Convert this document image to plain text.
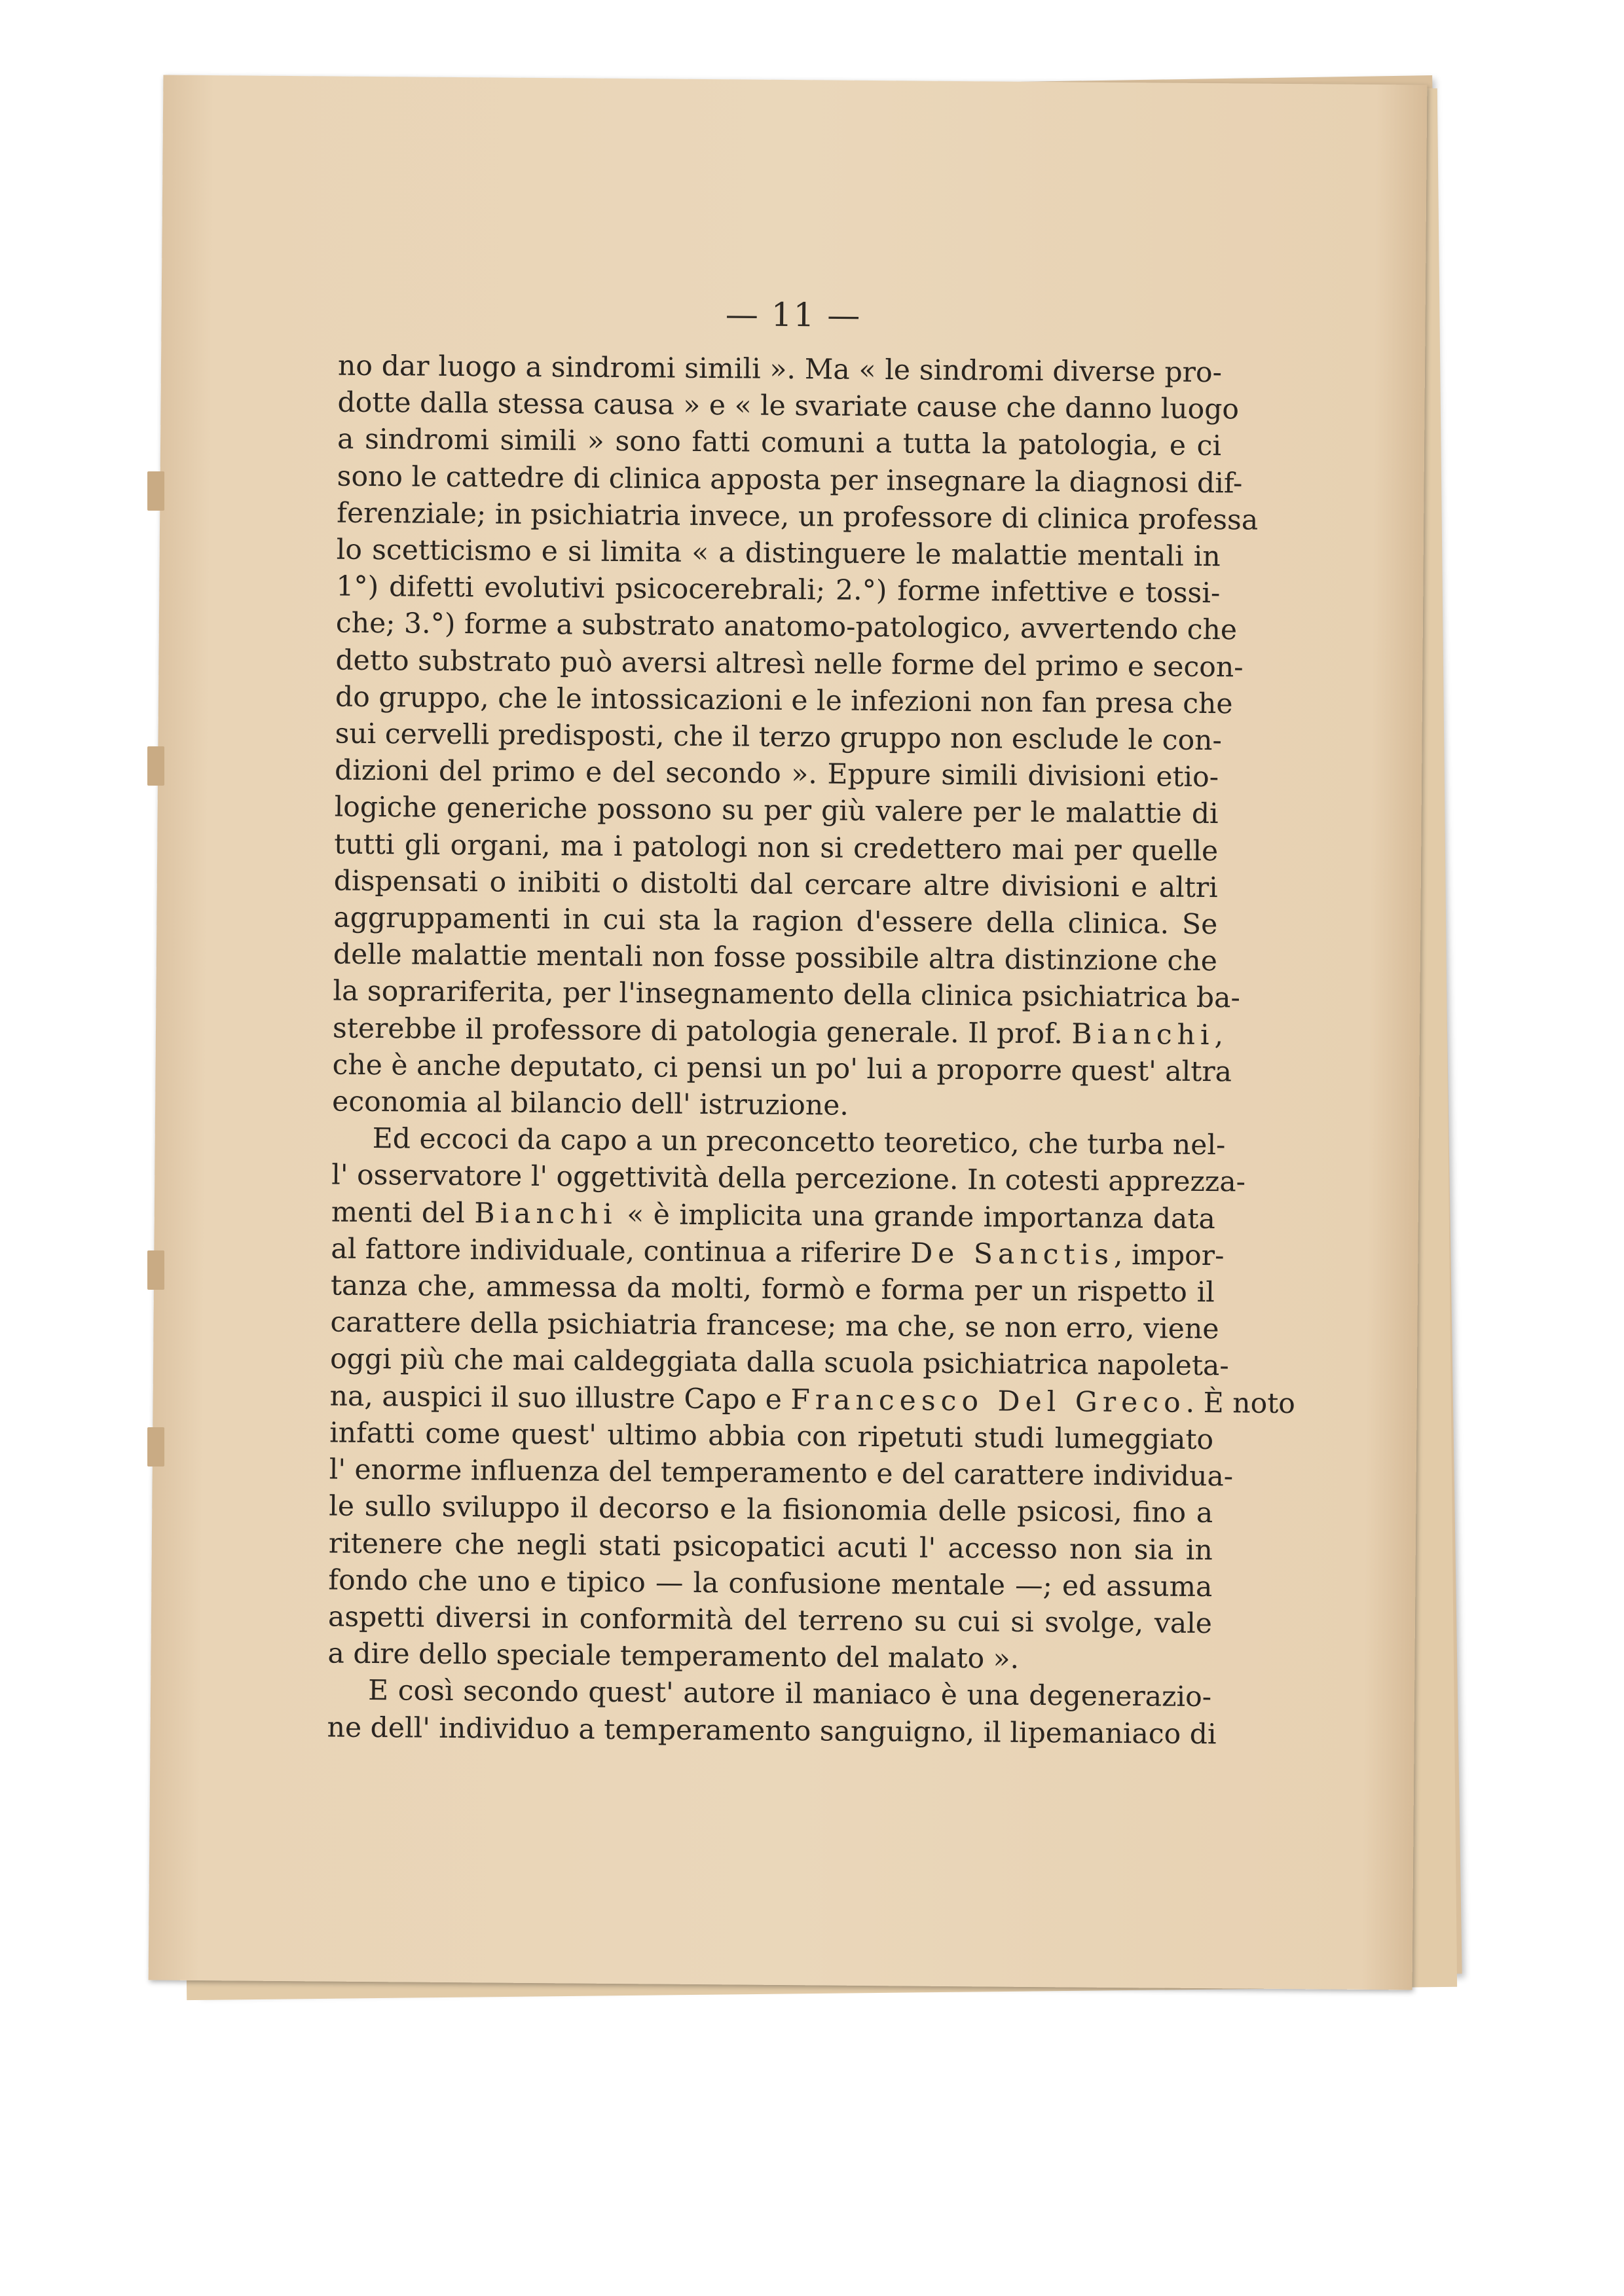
— 11 —
no dar luogo a sindromi simili ». Ma « le sindromi diverse pro-
dotte dalla stessa causa » e « le svariate cause che danno luogo
a sindromi simili » sono fatti comuni a tutta la patologia, e ci
sono le cattedre di clinica apposta per insegnare la diagnosi dif-
ferenziale; in psichiatria invece, un professore di clinica professa
lo scetticismo e si limita « a distinguere le malattie mentali in
1°) difetti evolutivi psicocerebrali; 2.°) forme infettive e tossi-
che; 3.°) forme a substrato anatomo-patologico, avvertendo che
detto substrato può aversi altresì nelle forme del primo e secon-
do gruppo, che le intossicazioni e le infezioni non fan presa che
sui cervelli predisposti, che il terzo gruppo non esclude le con-
dizioni del primo e del secondo ». Eppure simili divisioni etio-
logiche generiche possono su per giù valere per le malattie di
tutti gli organi, ma i patologi non si credettero mai per quelle
dispensati o inibiti o distolti dal cercare altre divisioni e altri
aggruppamenti in cui sta la ragion d'essere della clinica. Se
delle malattie mentali non fosse possibile altra distinzione che
la soprariferita, per l'insegnamento della clinica psichiatrica ba-
sterebbe il professore di patologia generale. Il prof. Bianchi,
che è anche deputato, ci pensi un po' lui a proporre quest' altra
economia al bilancio dell' istruzione.
Ed eccoci da capo a un preconcetto teoretico, che turba nel-
l' osservatore l' oggettività della percezione. In cotesti apprezza-
menti del Bianchi « è implicita una grande importanza data
al fattore individuale, continua a riferire De Sanctis, impor-
tanza che, ammessa da molti, formò e forma per un rispetto il
carattere della psichiatria francese; ma che, se non erro, viene
oggi più che mai caldeggiata dalla scuola psichiatrica napoleta-
na, auspici il suo illustre Capo e Francesco Del Greco. È noto
infatti come quest' ultimo abbia con ripetuti studi lumeggiato
l' enorme influenza del temperamento e del carattere individua-
le sullo sviluppo il decorso e la fisionomia delle psicosi, fino a
ritenere che negli stati psicopatici acuti l' accesso non sia in
fondo che uno e tipico — la confusione mentale —; ed assuma
aspetti diversi in conformità del terreno su cui si svolge, vale
a dire dello speciale temperamento del malato ».
E così secondo quest' autore il maniaco è una degenerazio-
ne dell' individuo a temperamento sanguigno, il lipemaniaco di
